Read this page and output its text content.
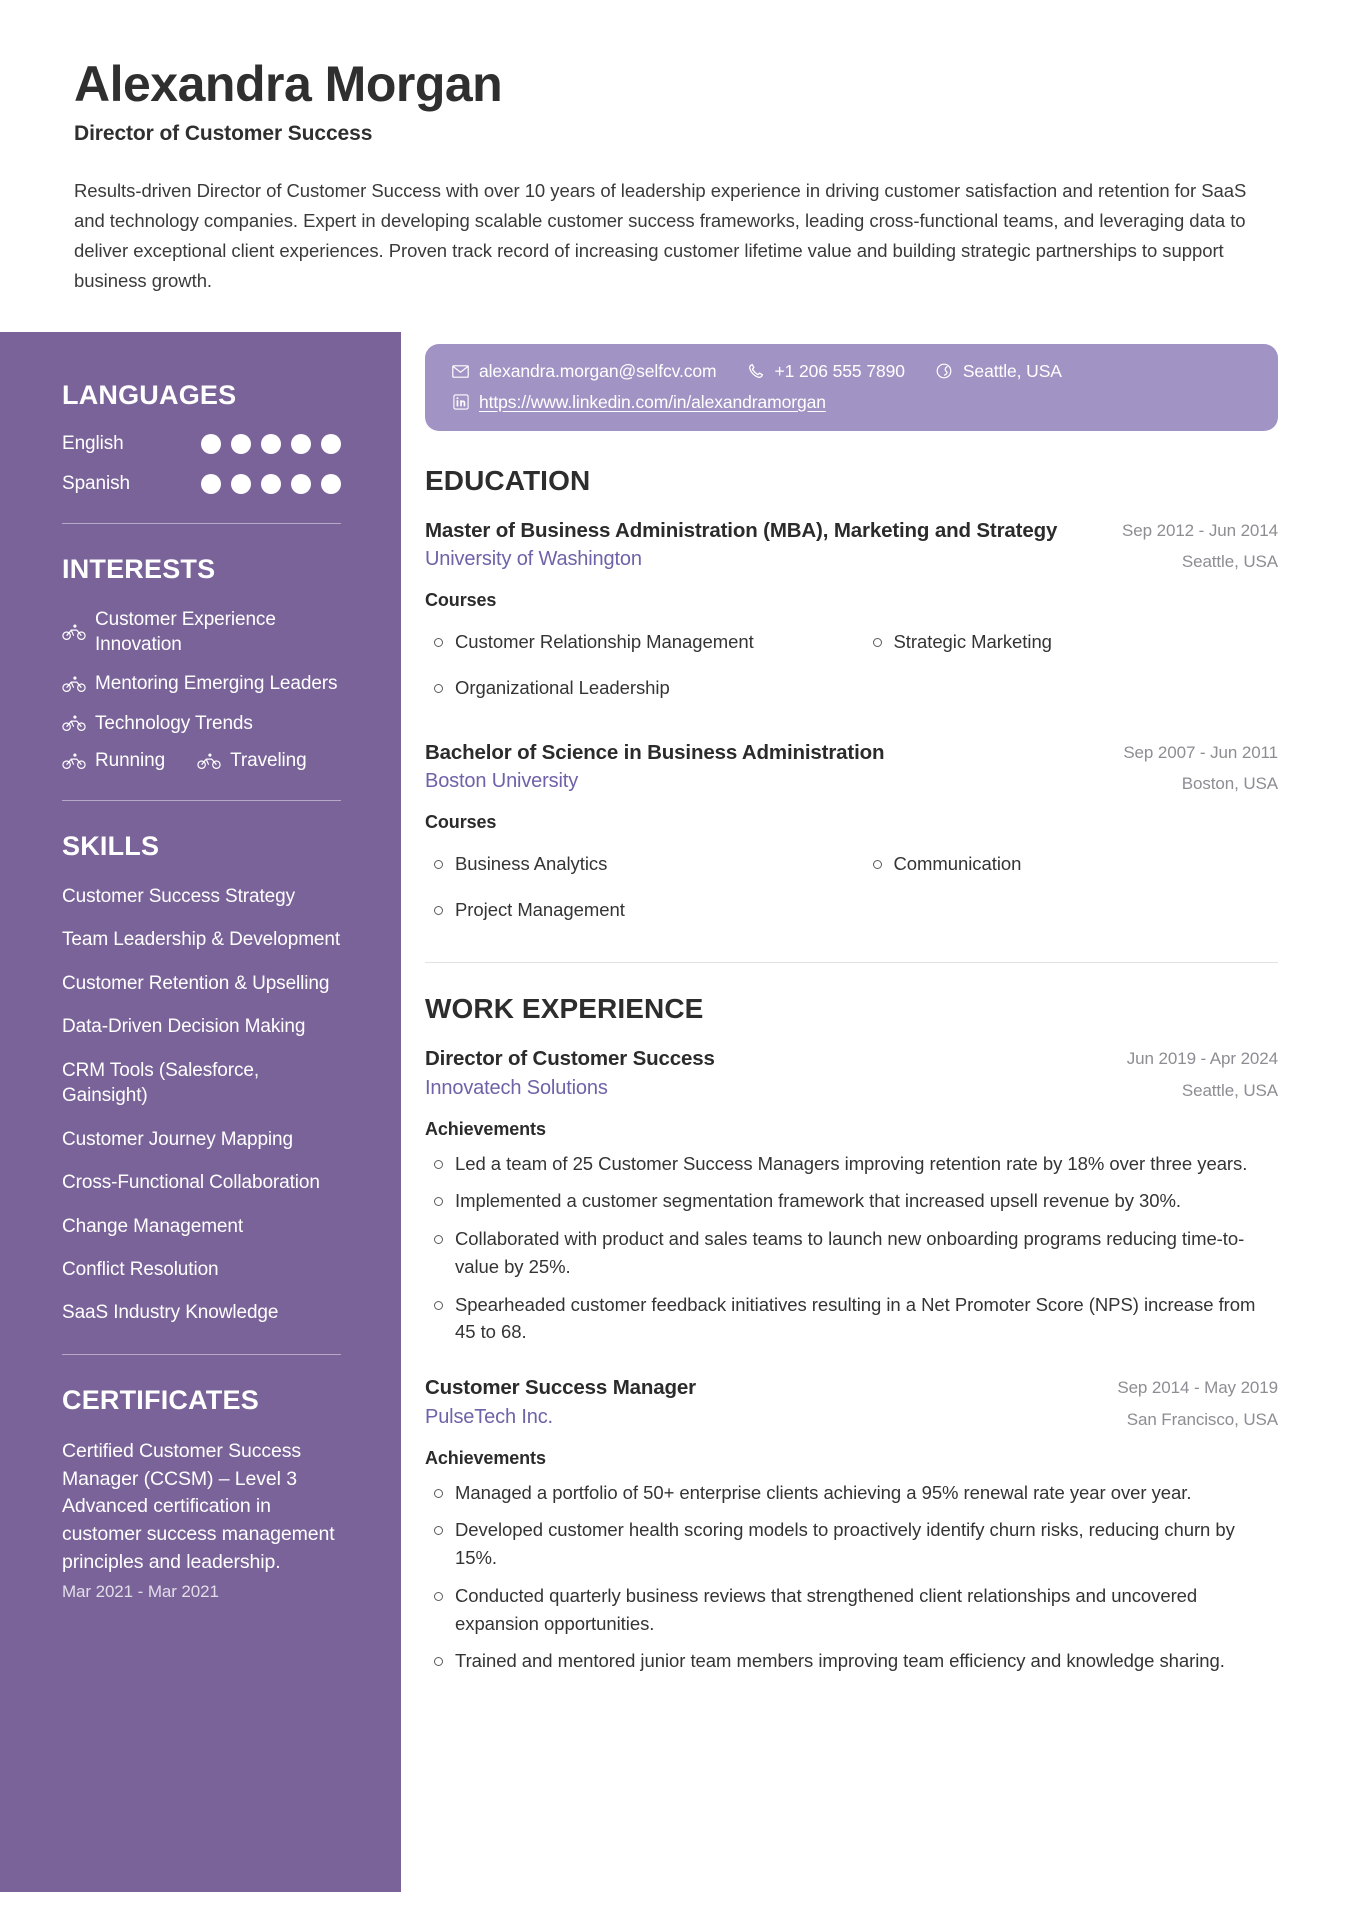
Alexandra Morgan
Director of Customer Success
Results-driven Director of Customer Success with over 10 years of leadership experience in driving customer satisfaction and retention for SaaS and technology companies. Expert in developing scalable customer success frameworks, leading cross-functional teams, and leveraging data to deliver exceptional client experiences. Proven track record of increasing customer lifetime value and building strategic partnerships to support business growth.
LANGUAGES
English
Spanish
INTERESTS
Customer Experience Innovation
Mentoring Emerging Leaders
Technology Trends
Running	Traveling
SKILLS
Customer Success Strategy
Team Leadership & Development
Customer Retention & Upselling
Data-Driven Decision Making
CRM Tools (Salesforce, Gainsight)
Customer Journey Mapping
Cross-Functional Collaboration
Change Management
Conflict Resolution
SaaS Industry Knowledge
CERTIFICATES
Certified Customer Success Manager (CCSM) – Level 3 Advanced certification in customer success management principles and leadership.
Mar 2021 - Mar 2021
alexandra.morgan@selfcv.com	+1 206 555 7890	Seattle, USA
https://www.linkedin.com/in/alexandramorgan
EDUCATION
Master of Business Administration (MBA), Marketing and Strategy	Sep 2012 - Jun 2014
University of Washington	Seattle, USA
Courses
Customer Relationship Management	Strategic Marketing
Organizational Leadership
Bachelor of Science in Business Administration	Sep 2007 - Jun 2011
Boston University	Boston, USA
Courses
Business Analytics	Communication
Project Management
WORK EXPERIENCE
Director of Customer Success	Jun 2019 - Apr 2024
Innovatech Solutions	Seattle, USA
Achievements
Led a team of 25 Customer Success Managers improving retention rate by 18% over three years.
Implemented a customer segmentation framework that increased upsell revenue by 30%.
Collaborated with product and sales teams to launch new onboarding programs reducing time-to-value by 25%.
Spearheaded customer feedback initiatives resulting in a Net Promoter Score (NPS) increase from 45 to 68.
Customer Success Manager	Sep 2014 - May 2019
PulseTech Inc.	San Francisco, USA
Achievements
Managed a portfolio of 50+ enterprise clients achieving a 95% renewal rate year over year.
Developed customer health scoring models to proactively identify churn risks, reducing churn by 15%.
Conducted quarterly business reviews that strengthened client relationships and uncovered expansion opportunities.
Trained and mentored junior team members improving team efficiency and knowledge sharing.
